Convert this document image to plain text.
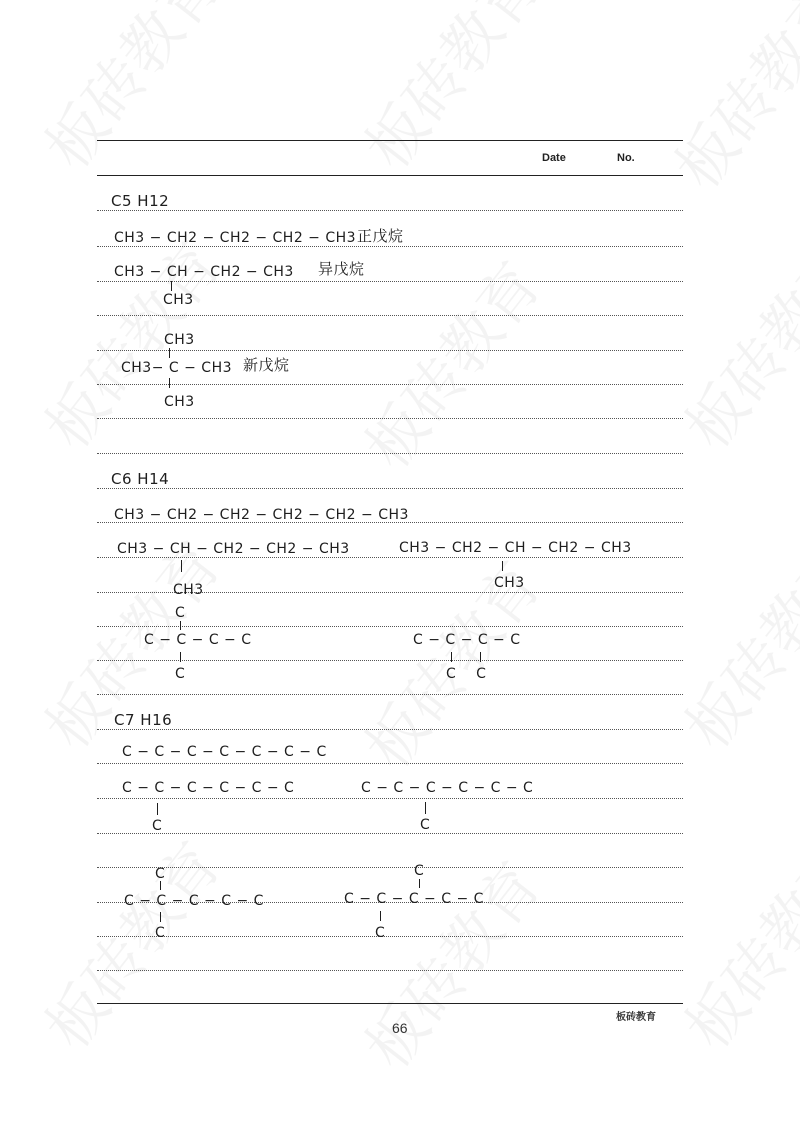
Date	No.
C5 H12
CH3 − CH2 − CH2 − CH2 − CH3 正戊烷
CH3 − CH − CH2 − CH3 异戊烷
CH3
CH3
CH3− C − CH3 新戊烷
CH3
C6 H14
CH3 − CH2 − CH2 − CH2 − CH2 − CH3
CH3 − CH − CH2 − CH2 − CH3
CH3
CH3 − CH2 − CH − CH2 − CH3
CH3
C
C − C − C − C
C
C − C − C − C
C    C
C7 H16
C − C − C − C − C − C − C
C − C − C − C − C − C
C
C − C − C − C − C − C
C
C
C − C − C − C − C
C
C
C − C − C − C − C
C
66
板砖教育
